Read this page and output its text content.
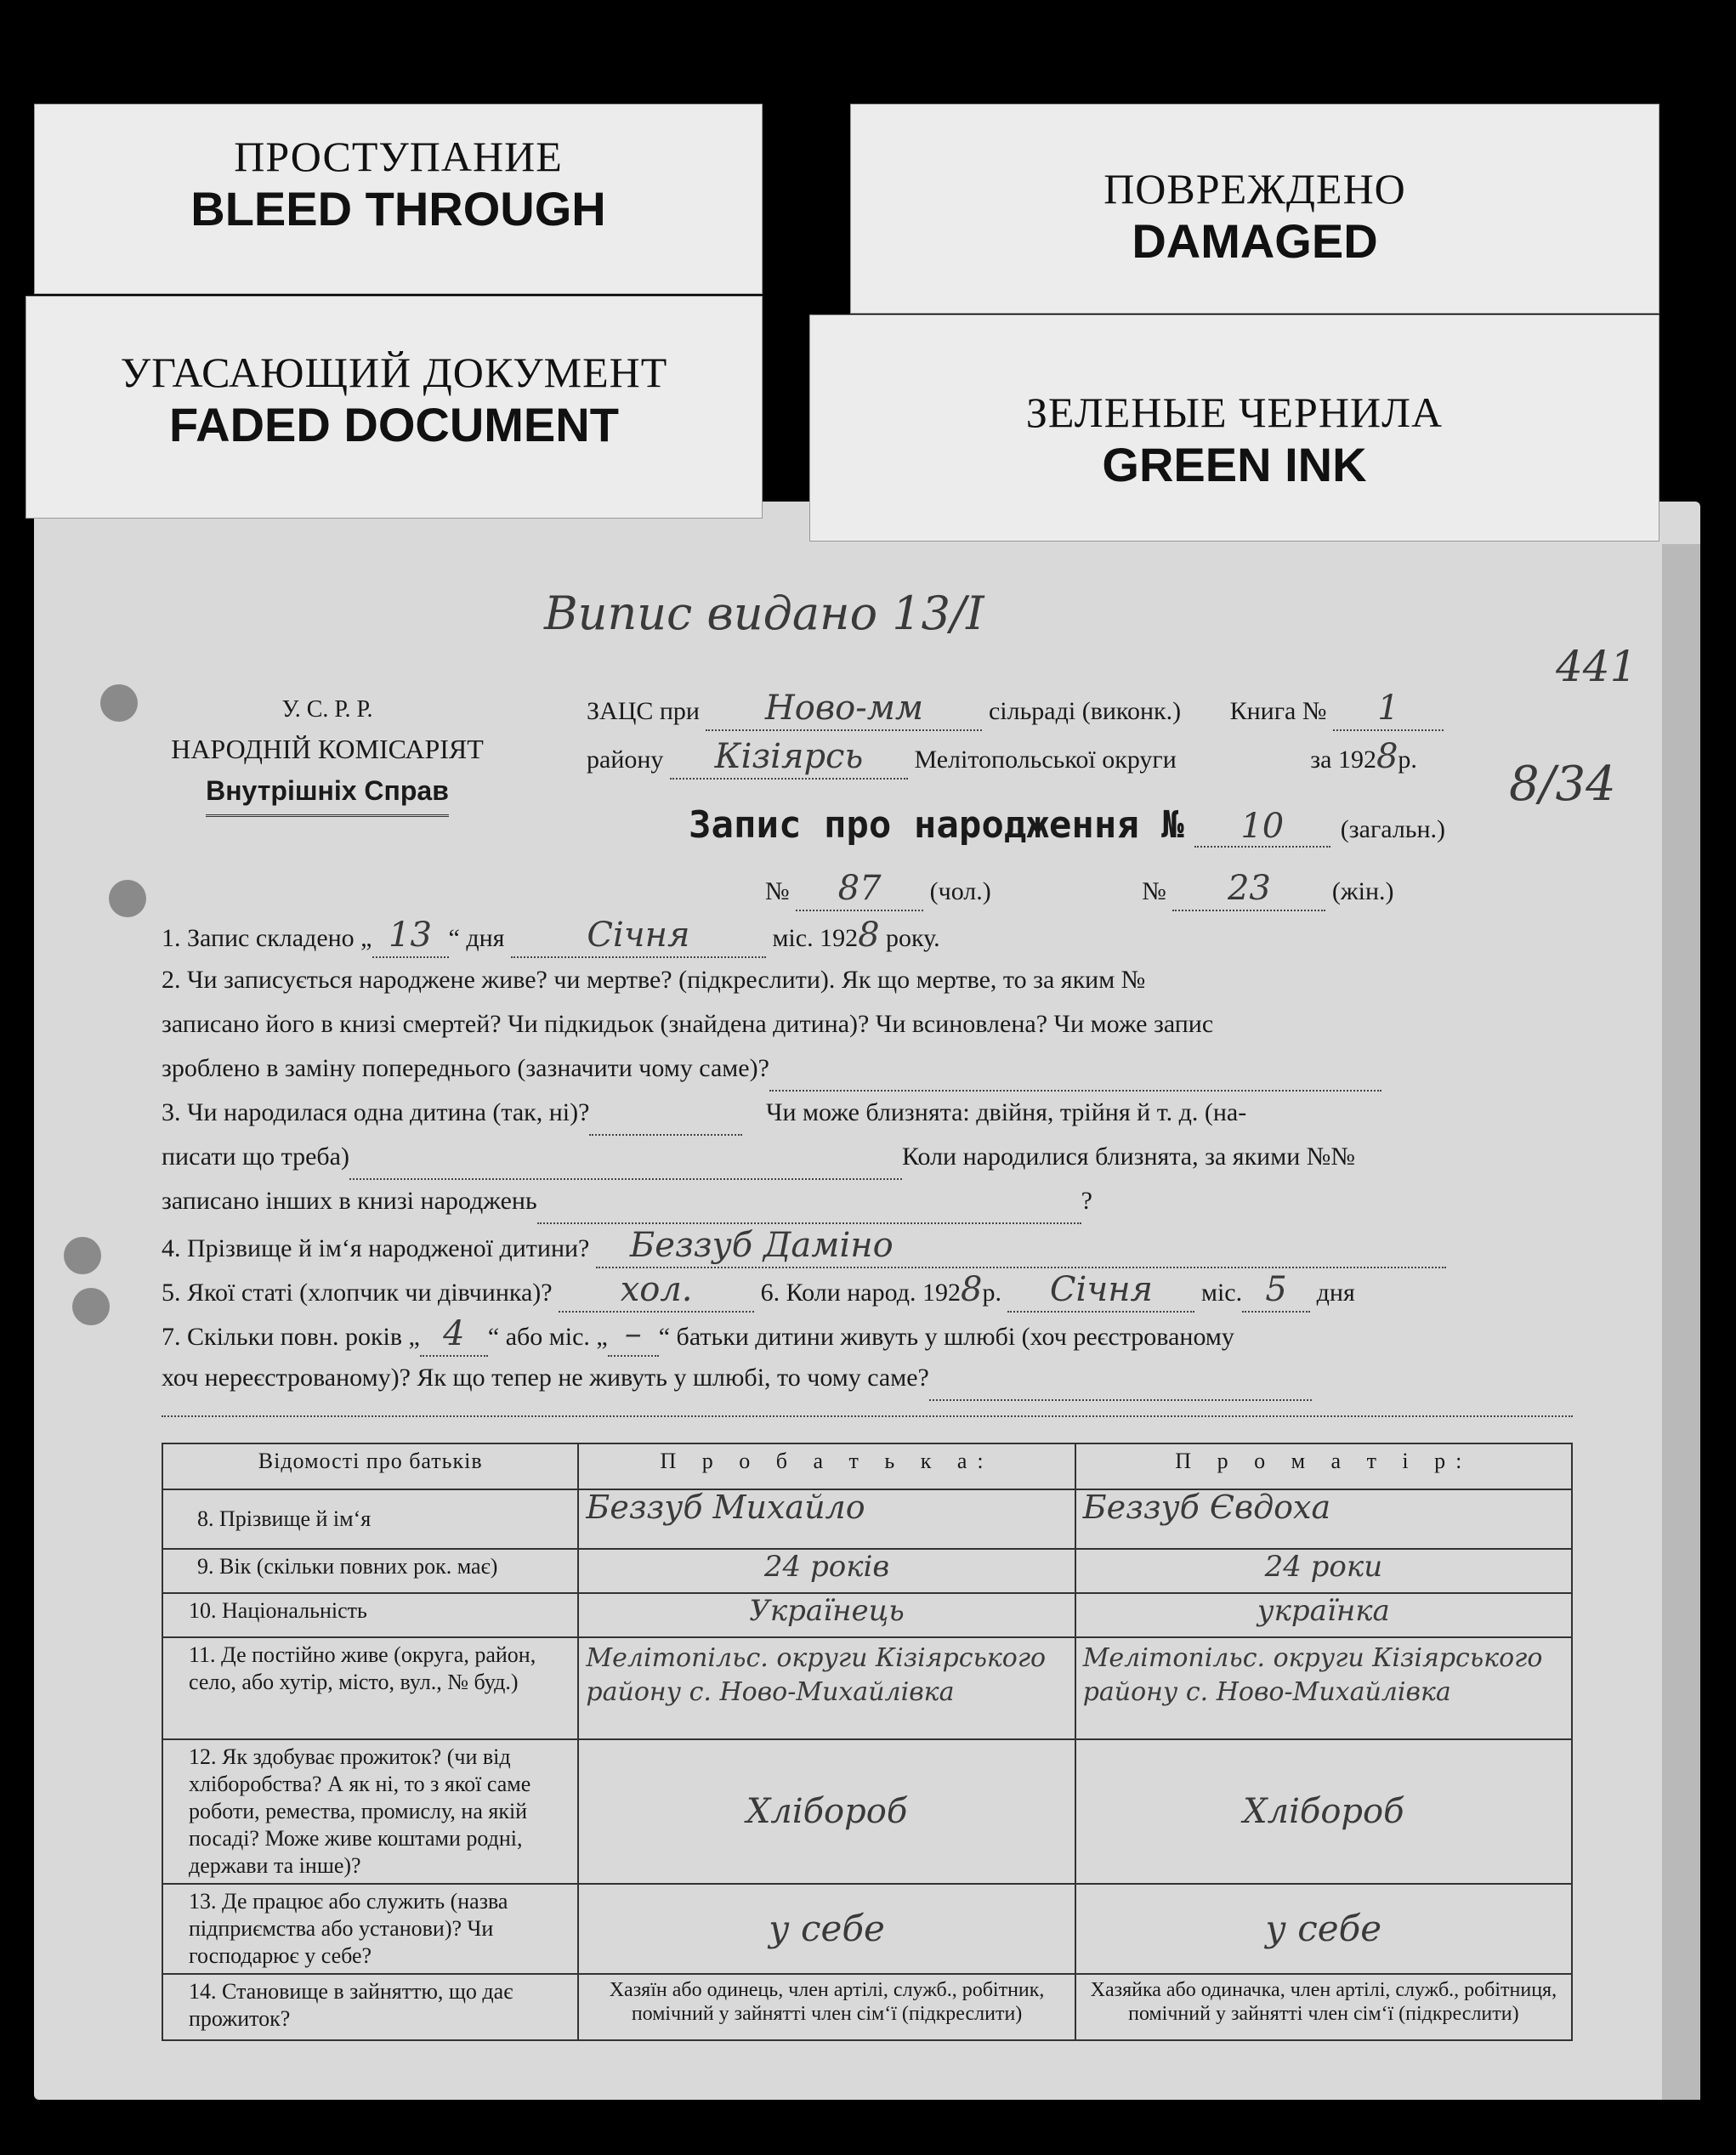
ПРОСТУПАНИЕ
BLEED THROUGH	ПОВРЕЖДЕНО
DAMAGED
УГАСАЮЩИЙ ДОКУМЕНТ
FADED DOCUMENT	ЗЕЛЕНЫЕ ЧЕРНИЛА
GREEN INK
Випис видано 13/І
441
8/34
У. С. Р. Р.
НАРОДНІЙ КОМІСАРІЯТ
Внутрішніх Справ
ЗАЦС при Ново-мм	сільраді (виконк.) Книга № 1
району Кізіярсь Мелітопольської округи	за 1928р.
Запис про народження № 10 (загальн.)
№ 87 (чол.)	№ 23 (жін.)
1. Запис складено „ 13 “ дня Січня	міс. 1928 року.
2. Чи записується народжене живе? чи мертве? (підкреслити). Як що мертве, то за яким №
записано його в книзі смертей? Чи підкидьок (знайдена дитина)? Чи всиновлена? Чи може запис
зроблено в заміну попереднього (зазначити чому саме)?
3. Чи народилася одна дитина (так, ні)?	Чи може близнята: двійня, трійня й т. д. (на-
писати що треба)	Коли народилися близнята, за якими №№
записано інших в книзі народжень	?
4. Прізвище й ім‘я народженої дитини? Беззуб Даміно
5. Якої статі (хлопчик чи дівчинка)? хол.	6. Коли народ. 1928р. Січня міс. 5 дня
7. Скільки повн. років „ 4 “ або міс. „ – “ батьки дитини живуть у шлюбі (хоч реєстрованому
хоч нереєстрованому)? Як що тепер не живуть у шлюбі, то чому саме?
Відомості про батьків	П р о б а т ь к а:	П р о м а т і р:
8. Прізвище й ім‘я	Беззуб Михайло	Беззуб Євдоха
9. Вік (скільки повних рок. має)	24 років	24 роки
10. Національність	Українець	українка
11. Де постійно живе (округа, район, село, або хутір, місто, вул., № буд.)	Мелітопільс. округи Кізіярського району с. Ново-Михайлівка	Мелітопільс. округи Кізіярського району с. Ново-Михайлівка
12. Як здобуває прожиток? (чи від хліборобства? А як ні, то з якої саме роботи, ремества, промислу, на якій посаді? Може живе коштами родні, держави та інше)?	Хлібороб	Хлібороб
13. Де працює або служить (назва підприємства або установи)? Чи господарює у себе?	у себе	у себе
14. Становище в зайняттю, що дає прожиток?	Хазяїн або одинець, член артілі, служб., робітник, помічний у зайнятті член сім‘ї (підкреслити)	Хазяйка або одиначка, член артілі, служб., робітниця, помічний у зайнятті член сім‘ї (підкреслити)
